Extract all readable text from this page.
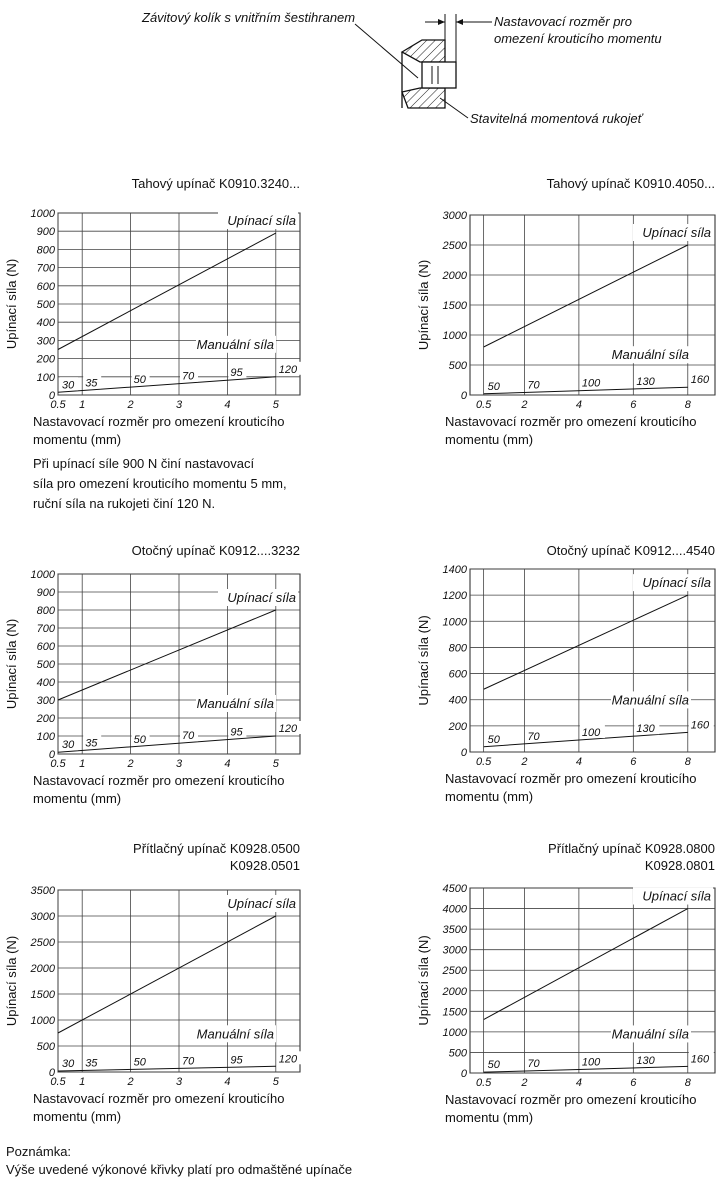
Závitový kolík s vnitřním šestihranem	Nastavovací rozměr pro
omezení krouticího momentu
Stavitelná momentová rukojeť
Tahový upínač K0910.3240...
0
100
200
300
400
500
600
700
800
900
1000
0.5 1	2	3	4	5
Upínací síla (N)
Upínací síla
Manuální síla
30 35	50	70	95	120
Nastavovací rozměr pro omezení krouticího momentu (mm)
Při upínací síle 900 N činí nastavovací
síla pro omezení krouticího momentu 5 mm,
ruční síla na rukojeti činí 120 N.
Tahový upínač K0910.4050...
0
500
1000
1500
2000
2500
3000
0.5	2	4	6	8
Upínací síla (N)
Upínací síla
Manuální síla
50	70	100	130	160
Nastavovací rozměr pro omezení krouticího momentu (mm)
Otočný upínač K0912....3232
0
100
200
300
400
500
600
700
800
900
1000
0.5 1	2	3	4	5
Upínací síla (N)
Upínací síla
Manuální síla
30 35	50	70	95	120
Nastavovací rozměr pro omezení krouticího momentu (mm)
Otočný upínač K0912....4540
0
200
400
600
800
1000
1200
1400
0.5	2	4	6	8
Upínací síla (N)
Upínací síla
Manuální síla
50	70	100	130	160
Nastavovací rozměr pro omezení krouticího momentu (mm)
Přítlačný upínač K0928.0500
K0928.0501
0
500
1000
1500
2000
2500
3000
3500
0.5 1	2	3	4	5
Upínací síla (N)
Upínací síla
Manuální síla
30 35	50	70	95	120
Nastavovací rozměr pro omezení krouticího momentu (mm)
Přítlačný upínač K0928.0800
K0928.0801
0
500
1000
1500
2000
2500
3000
3500
4000
4500
0.5	2	4	6	8
Upínací síla (N)
Upínací síla
Manuální síla
50	70	100	130	160
Nastavovací rozměr pro omezení krouticího momentu (mm)
Poznámka:
Výše uvedené výkonové křivky platí pro odmaštěné upínače
